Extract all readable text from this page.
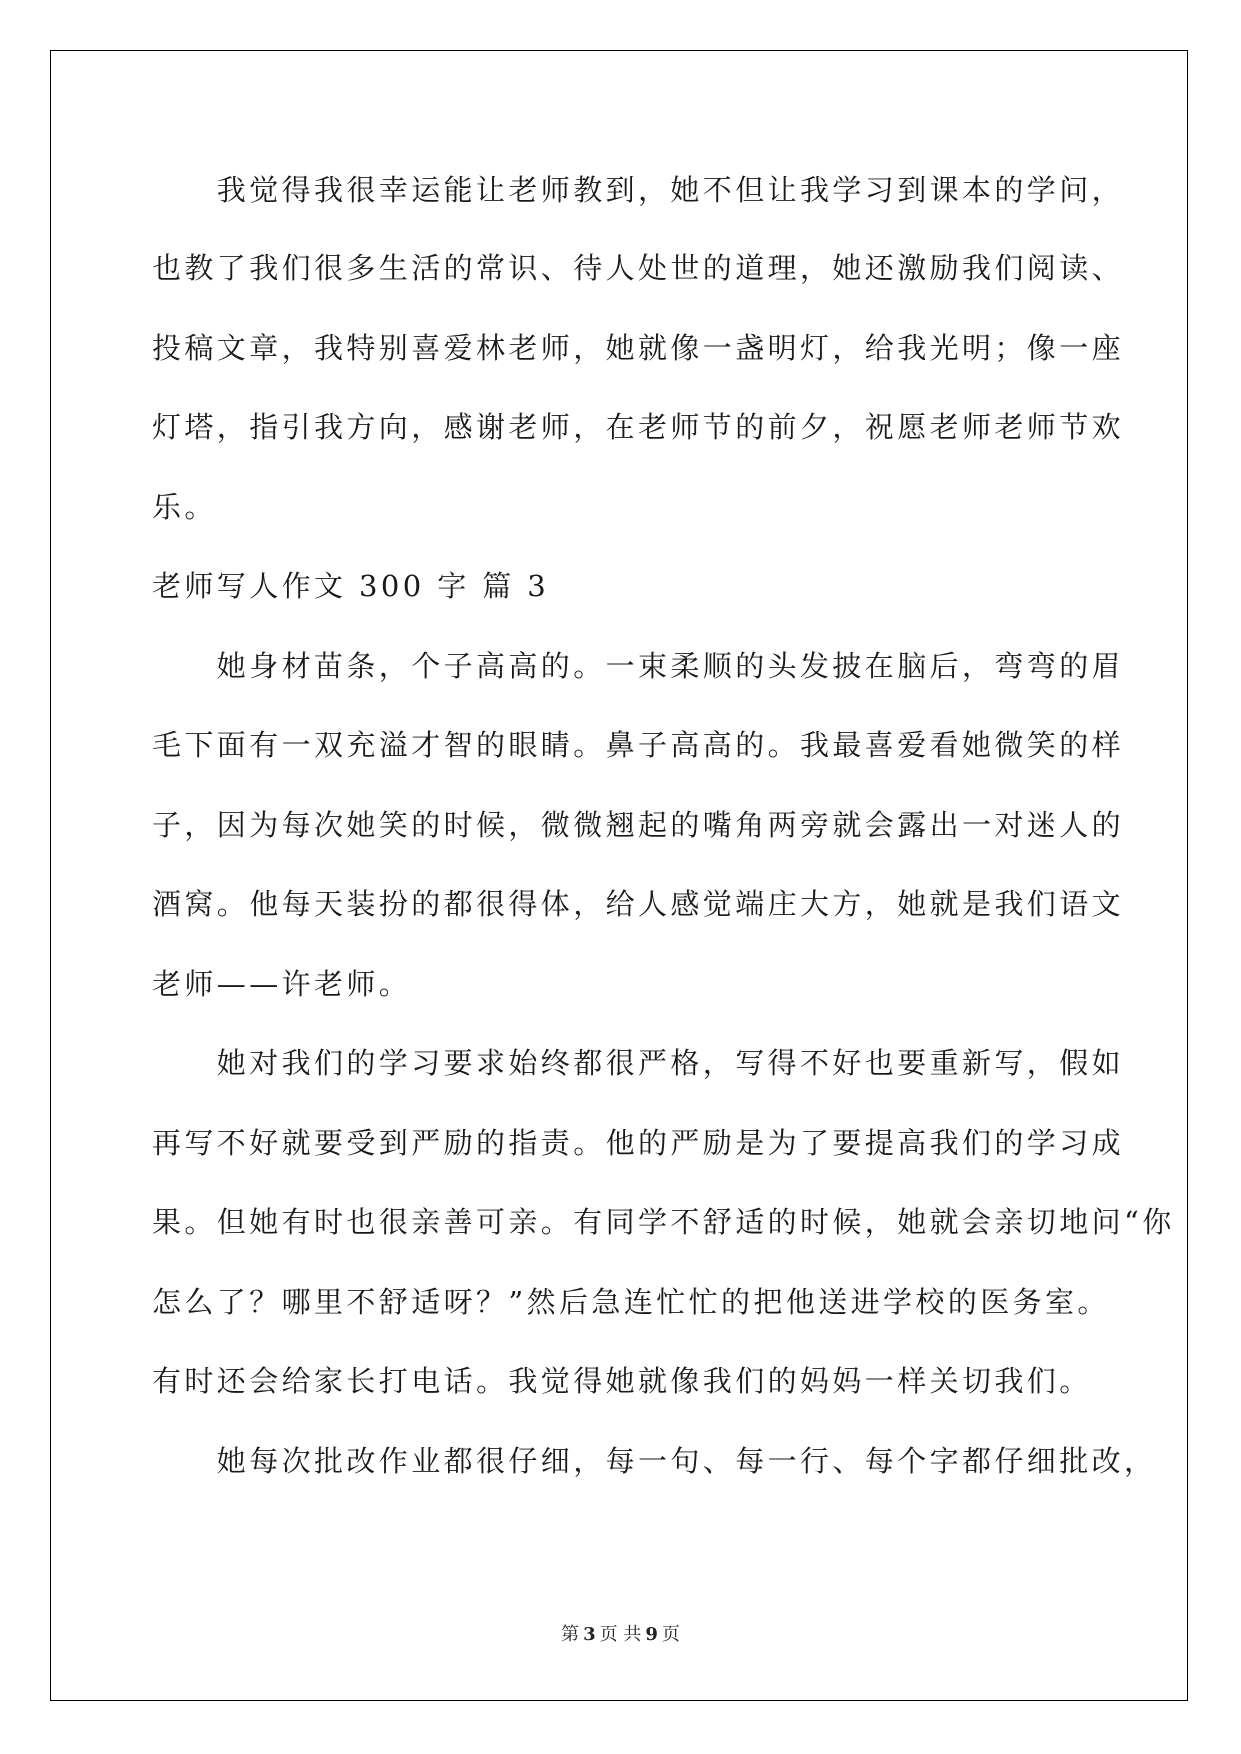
　　我觉得我很幸运能让老师教到，她不但让我学习到课本的学问，
也教了我们很多生活的常识、待人处世的道理，她还激励我们阅读、
投稿文章，我特别喜爱林老师，她就像一盏明灯，给我光明；像一座
灯塔，指引我方向，感谢老师，在老师节的前夕，祝愿老师老师节欢
乐。
老师写人作文 300 字 篇 3
　　她身材苗条，个子高高的。一束柔顺的头发披在脑后，弯弯的眉
毛下面有一双充溢才智的眼睛。鼻子高高的。我最喜爱看她微笑的样
子，因为每次她笑的时候，微微翘起的嘴角两旁就会露出一对迷人的
酒窝。他每天装扮的都很得体，给人感觉端庄大方，她就是我们语文
老师——许老师。
　　她对我们的学习要求始终都很严格，写得不好也要重新写，假如
再写不好就要受到严励的指责。他的严励是为了要提高我们的学习成
果。但她有时也很亲善可亲。有同学不舒适的时候，她就会亲切地问“你
怎么了？哪里不舒适呀？”然后急连忙忙的把他送进学校的医务室。
有时还会给家长打电话。我觉得她就像我们的妈妈一样关切我们。
　　她每次批改作业都很仔细，每一句、每一行、每个字都仔细批改，
第 3 页 共 9 页
